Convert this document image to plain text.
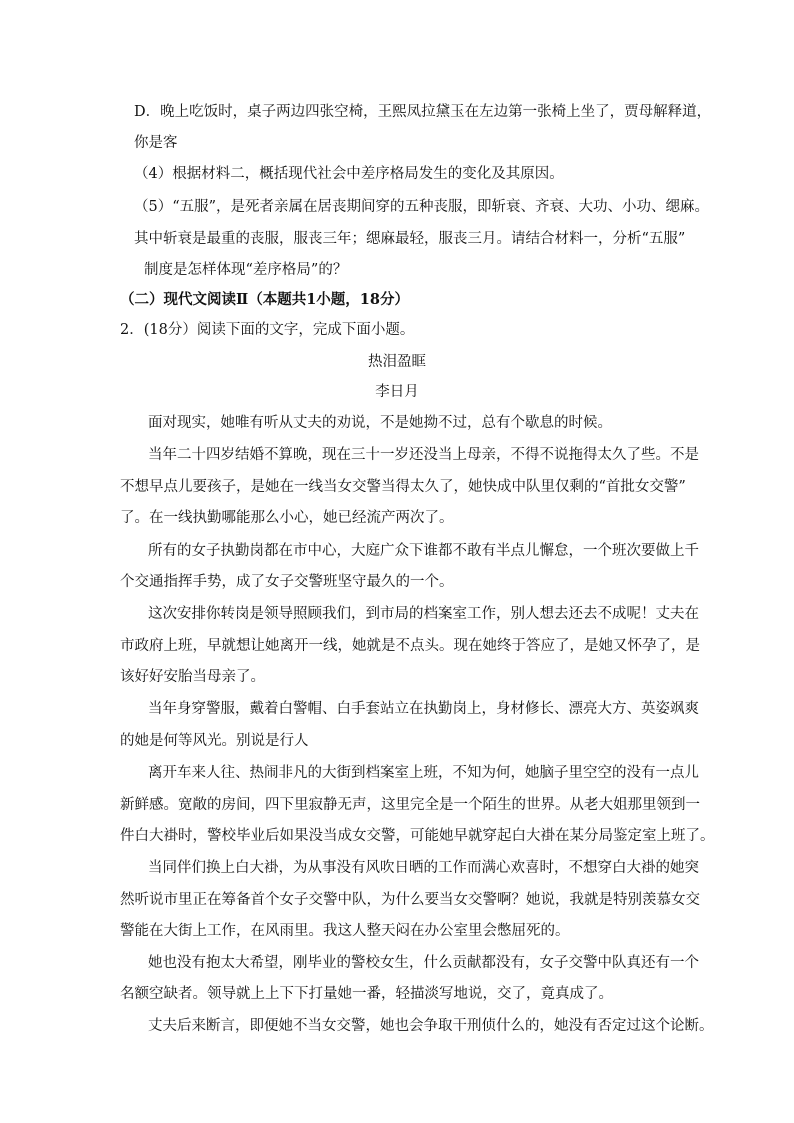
D．晚上吃饭时，桌子两边四张空椅，王熙凤拉黛玉在左边第一张椅上坐了，贾母解释道，
你是客
（4）根据材料二，概括现代社会中差序格局发生的变化及其原因。
（5）“五服”，是死者亲属在居丧期间穿的五种丧服，即斩衰、齐衰、大功、小功、缌麻。
其中斩衰是最重的丧服，服丧三年；缌麻最轻，服丧三月。请结合材料一，分析“五服”
制度是怎样体现“差序格局”的？
（二）现代文阅读Ⅱ（本题共1小题，18分）
2．(18分）阅读下面的文字，完成下面小题。
热泪盈眶
李日月
面对现实，她唯有听从丈夫的劝说，不是她拗不过，总有个歇息的时候。
当年二十四岁结婚不算晚，现在三十一岁还没当上母亲，不得不说拖得太久了些。不是
不想早点儿要孩子，是她在一线当女交警当得太久了，她快成中队里仅剩的“首批女交警”
了。在一线执勤哪能那么小心，她已经流产两次了。
所有的女子执勤岗都在市中心，大庭广众下谁都不敢有半点儿懈怠，一个班次要做上千
个交通指挥手势，成了女子交警班坚守最久的一个。
这次安排你转岗是领导照顾我们，到市局的档案室工作，别人想去还去不成呢！丈夫在
市政府上班，早就想让她离开一线，她就是不点头。现在她终于答应了，是她又怀孕了，是
该好好安胎当母亲了。
当年身穿警服，戴着白警帽、白手套站立在执勤岗上，身材修长、漂亮大方、英姿飒爽
的她是何等风光。别说是行人
离开车来人往、热闹非凡的大街到档案室上班，不知为何，她脑子里空空的没有一点儿
新鲜感。宽敞的房间，四下里寂静无声，这里完全是一个陌生的世界。从老大姐那里领到一
件白大褂时，警校毕业后如果没当成女交警，可能她早就穿起白大褂在某分局鉴定室上班了。
当同伴们换上白大褂，为从事没有风吹日晒的工作而满心欢喜时，不想穿白大褂的她突
然听说市里正在筹备首个女子交警中队，为什么要当女交警啊？她说，我就是特别羡慕女交
警能在大街上工作，在风雨里。我这人整天闷在办公室里会憋屈死的。
她也没有抱太大希望，刚毕业的警校女生，什么贡献都没有，女子交警中队真还有一个
名额空缺者。领导就上上下下打量她一番，轻描淡写地说，交了，竟真成了。
丈夫后来断言，即便她不当女交警，她也会争取干刑侦什么的，她没有否定过这个论断。
